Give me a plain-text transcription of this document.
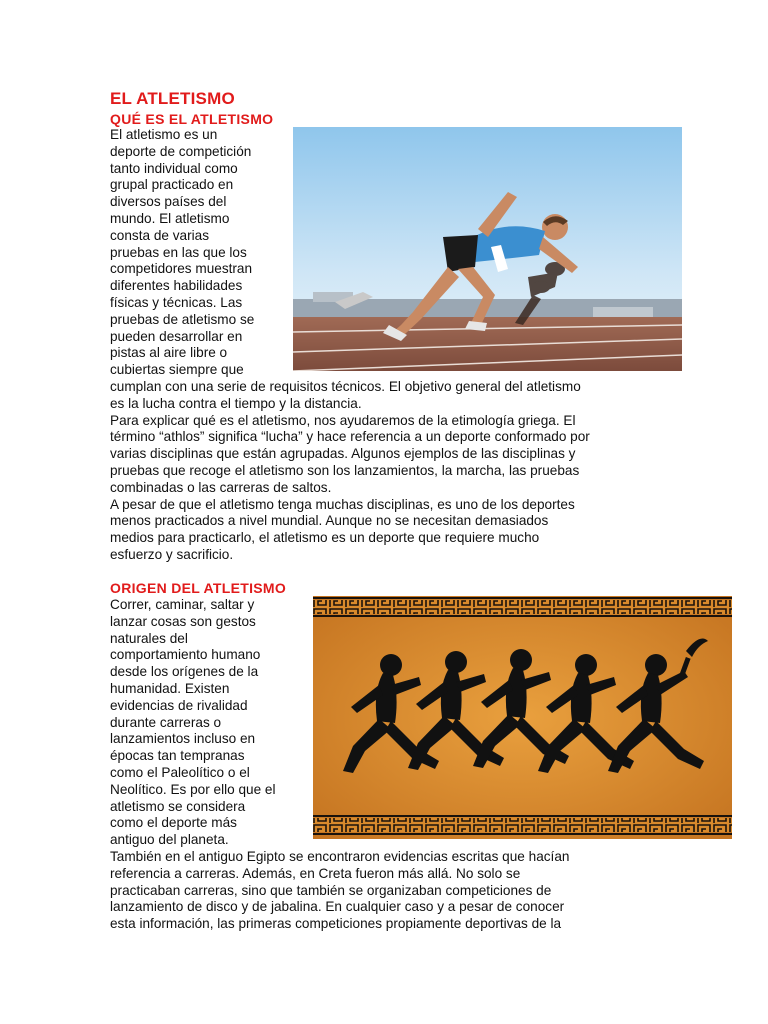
EL ATLETISMO
QUÉ ES EL ATLETISMO
El atletismo es un
deporte de competición
tanto individual como
grupal practicado en
diversos países del
mundo. El atletismo
consta de varias
pruebas en las que los
competidores muestran
diferentes habilidades
físicas y técnicas. Las
pruebas de atletismo se
pueden desarrollar en
pistas al aire libre o
cubiertas siempre que
cumplan con una serie de requisitos técnicos. El objetivo general del atletismo
es la lucha contra el tiempo y la distancia.
Para explicar qué es el atletismo, nos ayudaremos de la etimología griega. El
término “athlos” significa “lucha” y hace referencia a un deporte conformado por
varias disciplinas que están agrupadas. Algunos ejemplos de las disciplinas y
pruebas que recoge el atletismo son los lanzamientos, la marcha, las pruebas
combinadas o las carreras de saltos.
A pesar de que el atletismo tenga muchas disciplinas, es uno de los deportes
menos practicados a nivel mundial. Aunque no se necesitan demasiados
medios para practicarlo, el atletismo es un deporte que requiere mucho
esfuerzo y sacrificio.
ORIGEN DEL ATLETISMO
Correr, caminar, saltar y
lanzar cosas son gestos
naturales del
comportamiento humano
desde los orígenes de la
humanidad. Existen
evidencias de rivalidad
durante carreras o
lanzamientos incluso en
épocas tan tempranas
como el Paleolítico o el
Neolítico. Es por ello que el
atletismo se considera
como el deporte más
antiguo del planeta.
También en el antiguo Egipto se encontraron evidencias escritas que hacían
referencia a carreras. Además, en Creta fueron más allá. No solo se
practicaban carreras, sino que también se organizaban competiciones de
lanzamiento de disco y de jabalina. En cualquier caso y a pesar de conocer
esta información, las primeras competiciones propiamente deportivas de la
